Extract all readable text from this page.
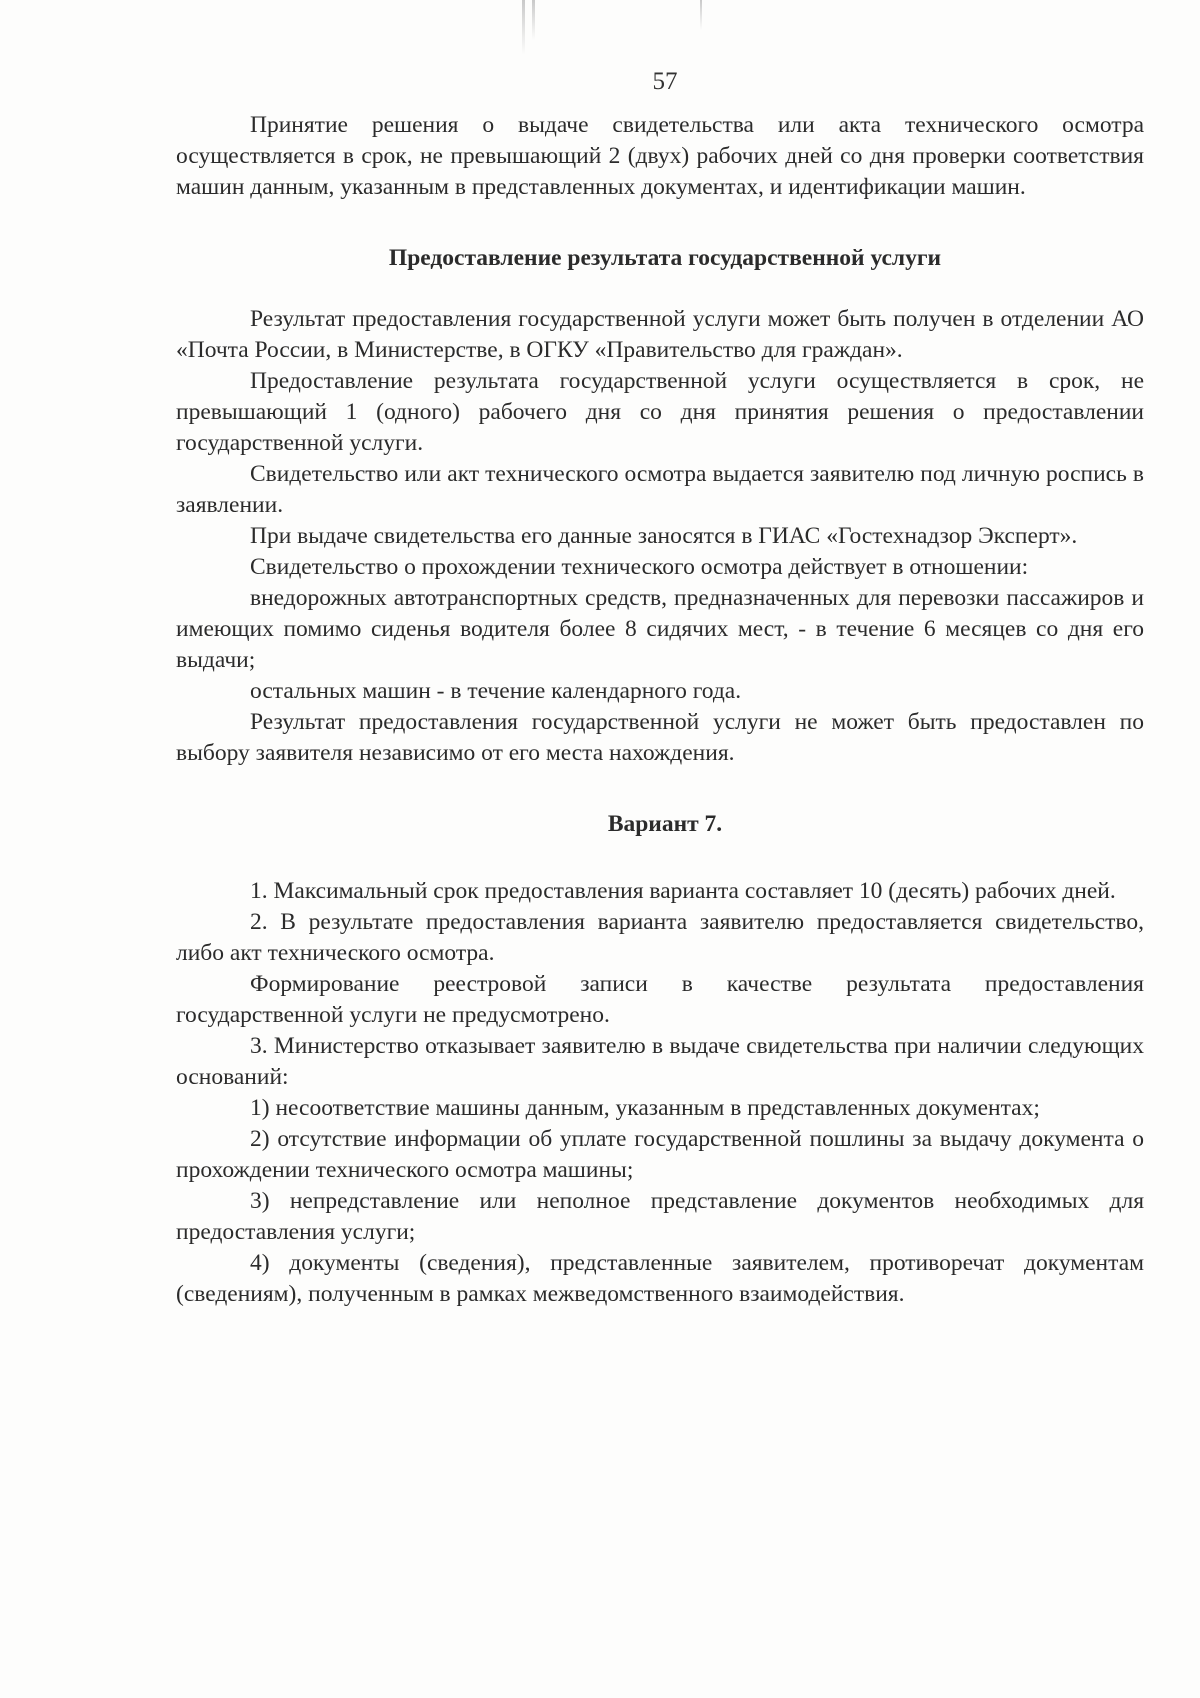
57

Принятие решения о выдаче свидетельства или акта технического осмотра осуществляется в срок, не превышающий 2 (двух) рабочих дней со дня проверки соответствия машин данным, указанным в представленных документах, и идентификации машин.

Предоставление результата государственной услуги

Результат предоставления государственной услуги может быть получен в отделении АО «Почта России, в Министерстве, в ОГКУ «Правительство для граждан».

Предоставление результата государственной услуги осуществляется в срок, не превышающий 1 (одного) рабочего дня со дня принятия решения о предоставлении государственной услуги.

Свидетельство или акт технического осмотра выдается заявителю под личную роспись в заявлении.

При выдаче свидетельства его данные заносятся в ГИАС «Гостехнадзор Эксперт».

Свидетельство о прохождении технического осмотра действует в отношении:

внедорожных автотранспортных средств, предназначенных для перевозки пассажиров и имеющих помимо сиденья водителя более 8 сидячих мест, - в течение 6 месяцев со дня его выдачи;

остальных машин - в течение календарного года.

Результат предоставления государственной услуги не может быть предоставлен по выбору заявителя независимо от его места нахождения.

Вариант 7.

1. Максимальный срок предоставления варианта составляет 10 (десять) рабочих дней.

2. В результате предоставления варианта заявителю предоставляется свидетельство, либо акт технического осмотра.

Формирование реестровой записи в качестве результата предоставления государственной услуги не предусмотрено.

3. Министерство отказывает заявителю в выдаче свидетельства при наличии следующих оснований:

1) несоответствие машины данным, указанным в представленных документах;

2) отсутствие информации об уплате государственной пошлины за выдачу документа о прохождении технического осмотра машины;

3) непредставление или неполное представление документов необходимых для предоставления услуги;

4) документы (сведения), представленные заявителем, противоречат документам (сведениям), полученным в рамках межведомственного взаимодействия.
